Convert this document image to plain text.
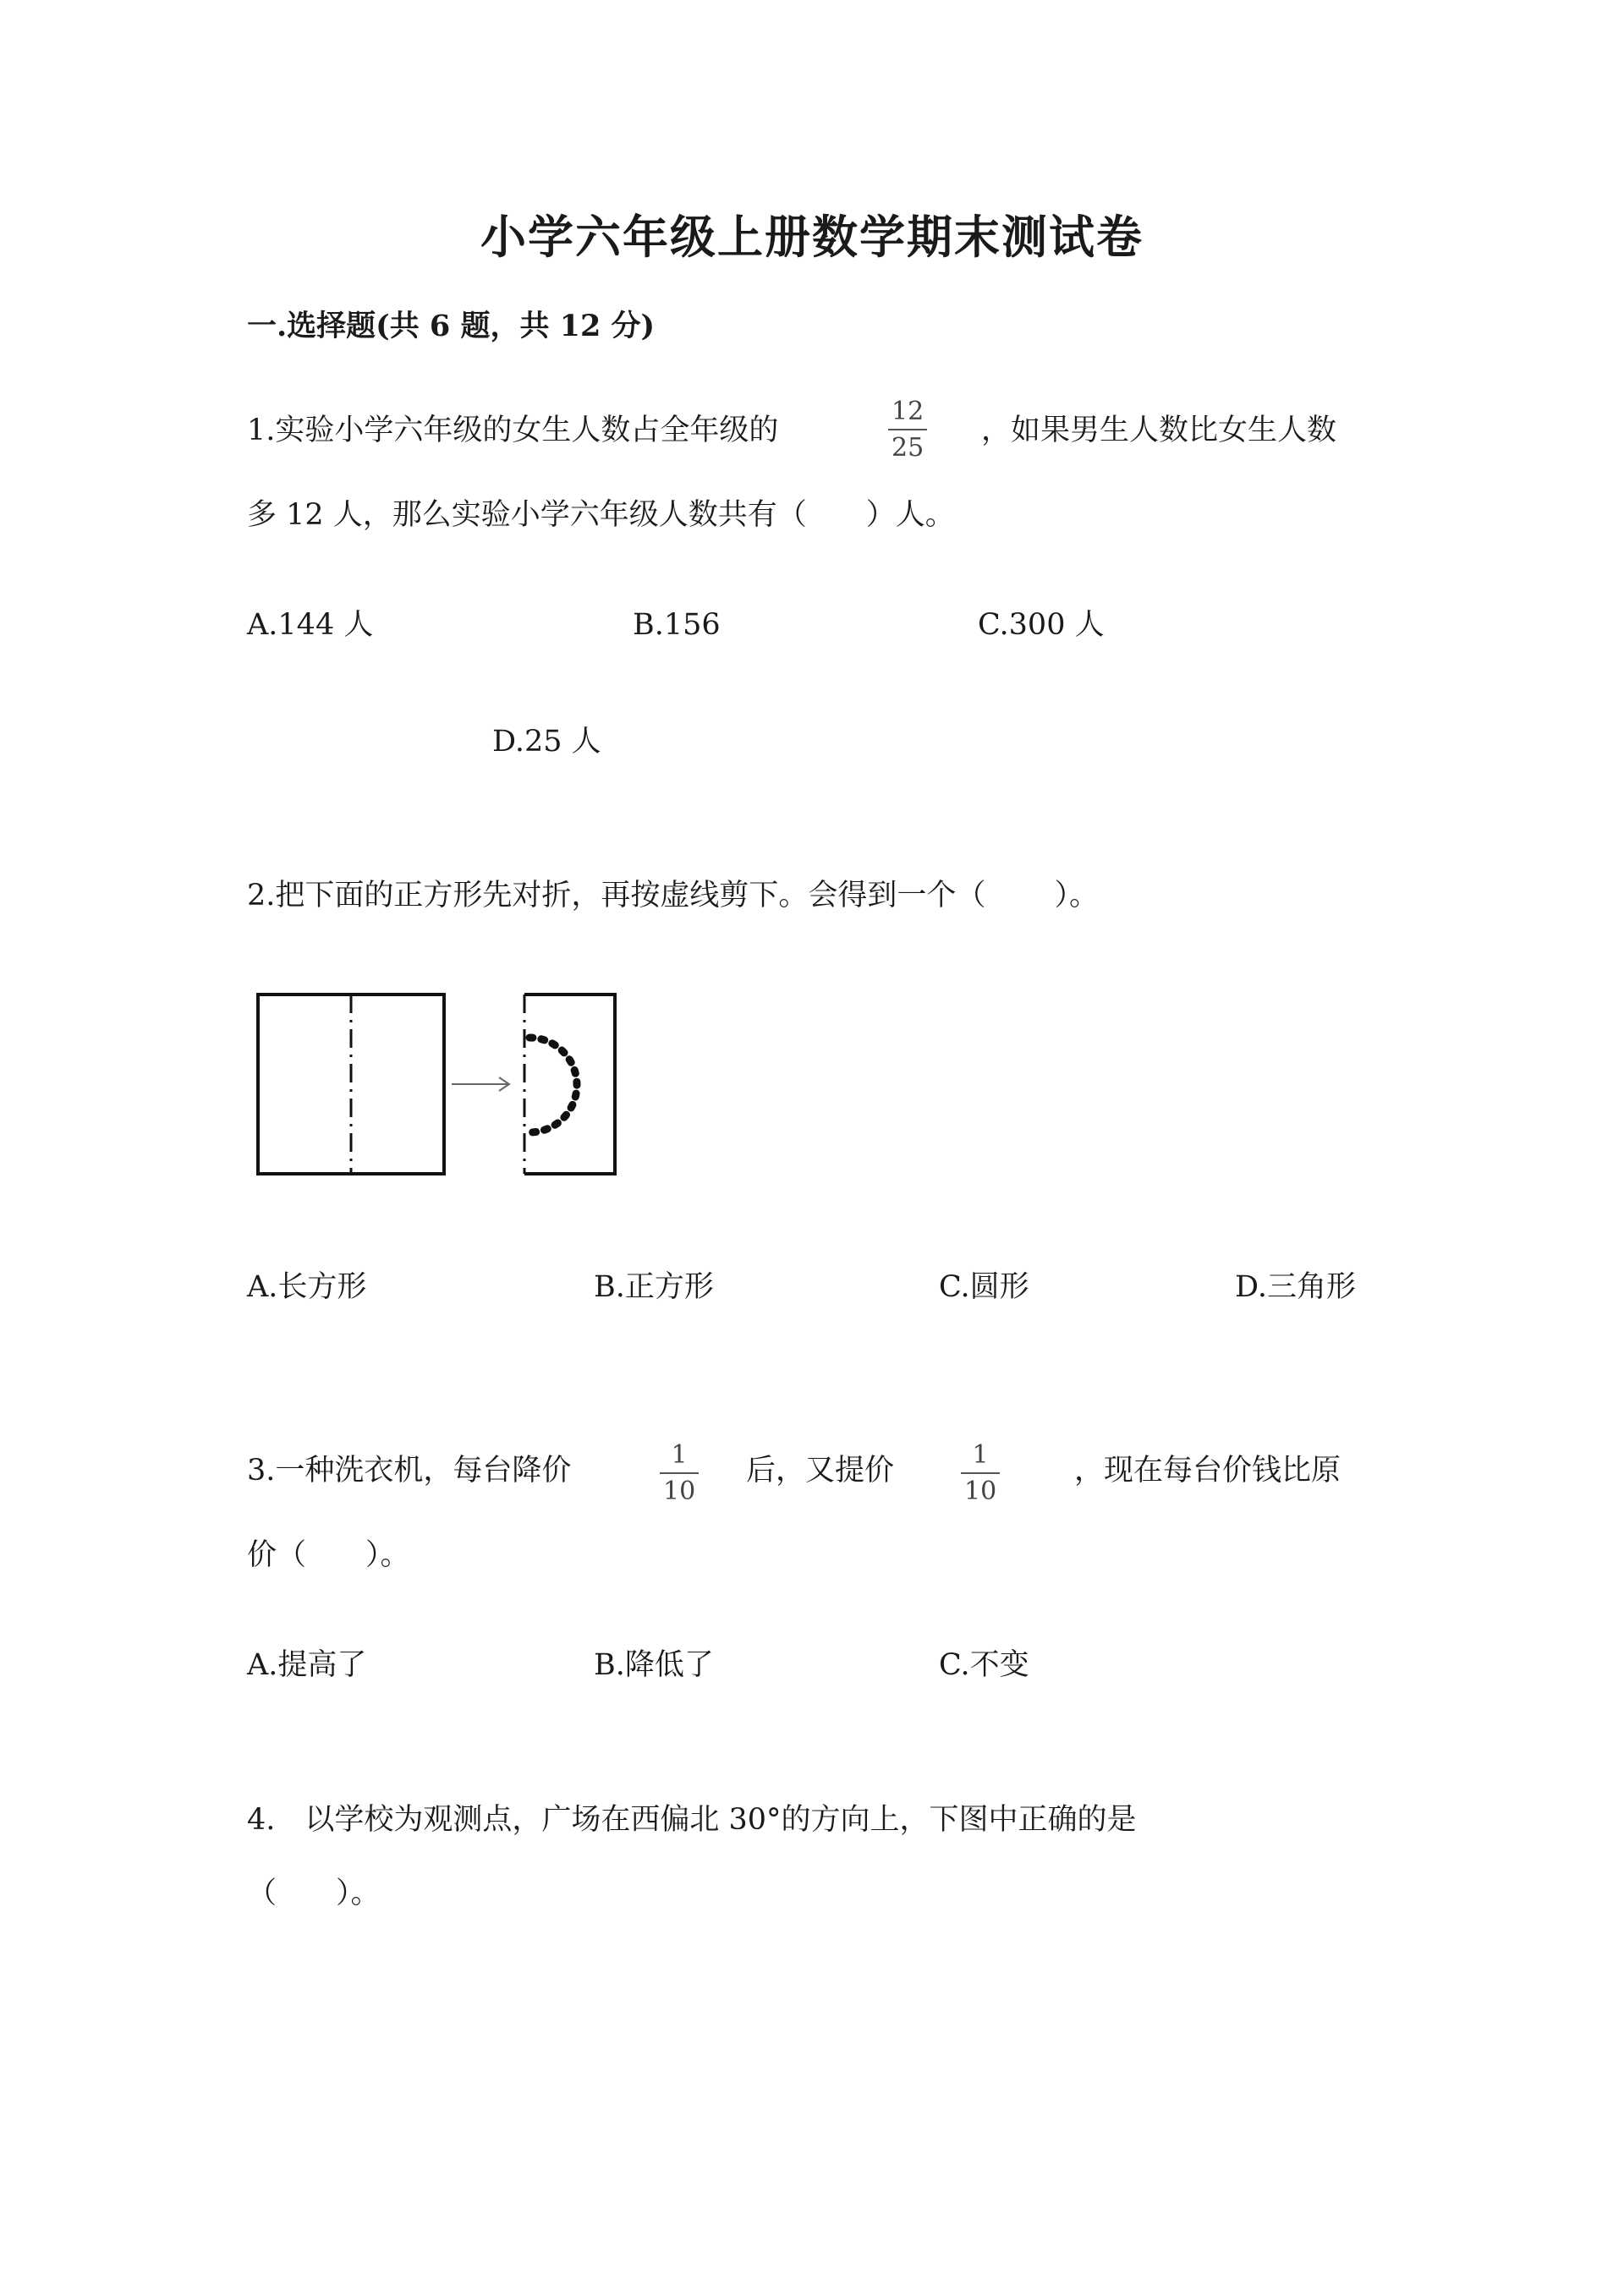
小学六年级上册数学期末测试卷
一.选择题(共 6 题，共 12 分)
1.实验小学六年级的女生人数占全年级的
12
25
，如果男生人数比女生人数
多 12 人，那么实验小学六年级人数共有（　　）人。
A.144 人	B.156	C.300 人
D.25 人
2.把下面的正方形先对折，再按虚线剪下。会得到一个（　　 ）。
A.长方形	B.正方形	C.圆形	D.三角形
3.一种洗衣机，每台降价	1
10
后，又提价	1
10
，现在每台价钱比原
价（　　）。
A.提高了	B.降低了	C.不变
4.　以学校为观测点，广场在西偏北 30°的方向上，下图中正确的是
（　　）。
